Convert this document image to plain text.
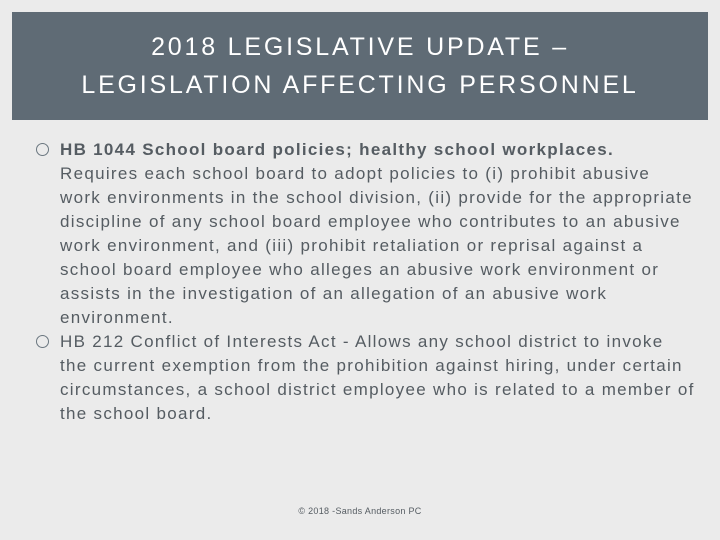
2018 LEGISLATIVE UPDATE –
LEGISLATION AFFECTING PERSONNEL
HB 1044 School board policies; healthy school workplaces. Requires each school board to adopt policies to (i) prohibit abusive work environments in the school division, (ii) provide for the appropriate discipline of any school board employee who contributes to an abusive work environment, and (iii) prohibit retaliation or reprisal against a school board employee who alleges an abusive work environment or assists in the investigation of an allegation of an abusive work environment.
HB 212 Conflict of Interests Act - Allows any school district to invoke the current exemption from the prohibition against hiring, under certain circumstances, a school district employee who is related to a member of the school board.
© 2018 -Sands Anderson PC
